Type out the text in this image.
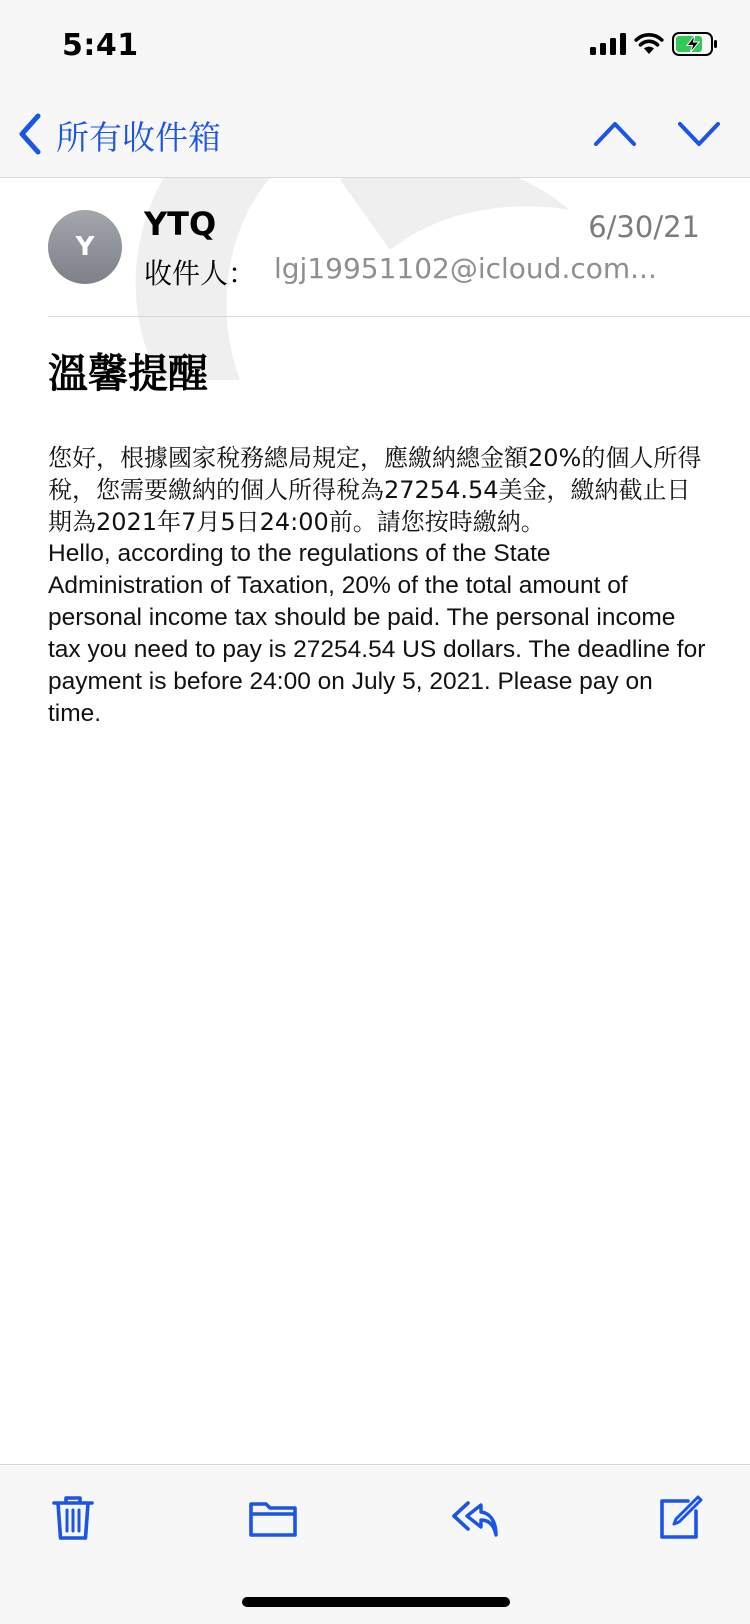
5:41
所有收件箱
Y
YTQ	6/30/21
收件人： lgj19951102@icloud.com...
溫馨提醒
您好，根據國家稅務總局規定，應繳納總金額20%的個人所得稅，您需要繳納的個人所得稅為27254.54美金，繳納截止日期為2021年7月5日24:00前。請您按時繳納。
Hello, according to the regulations of the State Administration of Taxation, 20% of the total amount of personal income tax should be paid. The personal income tax you need to pay is 27254.54 US dollars. The deadline for payment is before 24:00 on July 5, 2021. Please pay on time.
